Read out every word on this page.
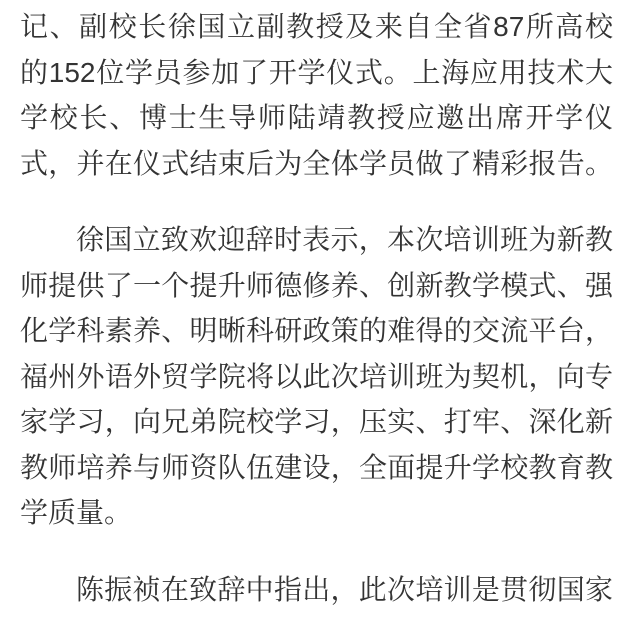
记、副校长徐国立副教授及来自全省87所高校
的152位学员参加了开学仪式。上海应用技术大
学校长、博士生导师陆靖教授应邀出席开学仪
式，并在仪式结束后为全体学员做了精彩报告。
徐国立致欢迎辞时表示，本次培训班为新教
师提供了一个提升师德修养、创新教学模式、强
化学科素养、明晰科研政策的难得的交流平台，
福州外语外贸学院将以此次培训班为契机，向专
家学习，向兄弟院校学习，压实、打牢、深化新
教师培养与师资队伍建设，全面提升学校教育教
学质量。
陈振祯在致辞中指出，此次培训是贯彻国家
